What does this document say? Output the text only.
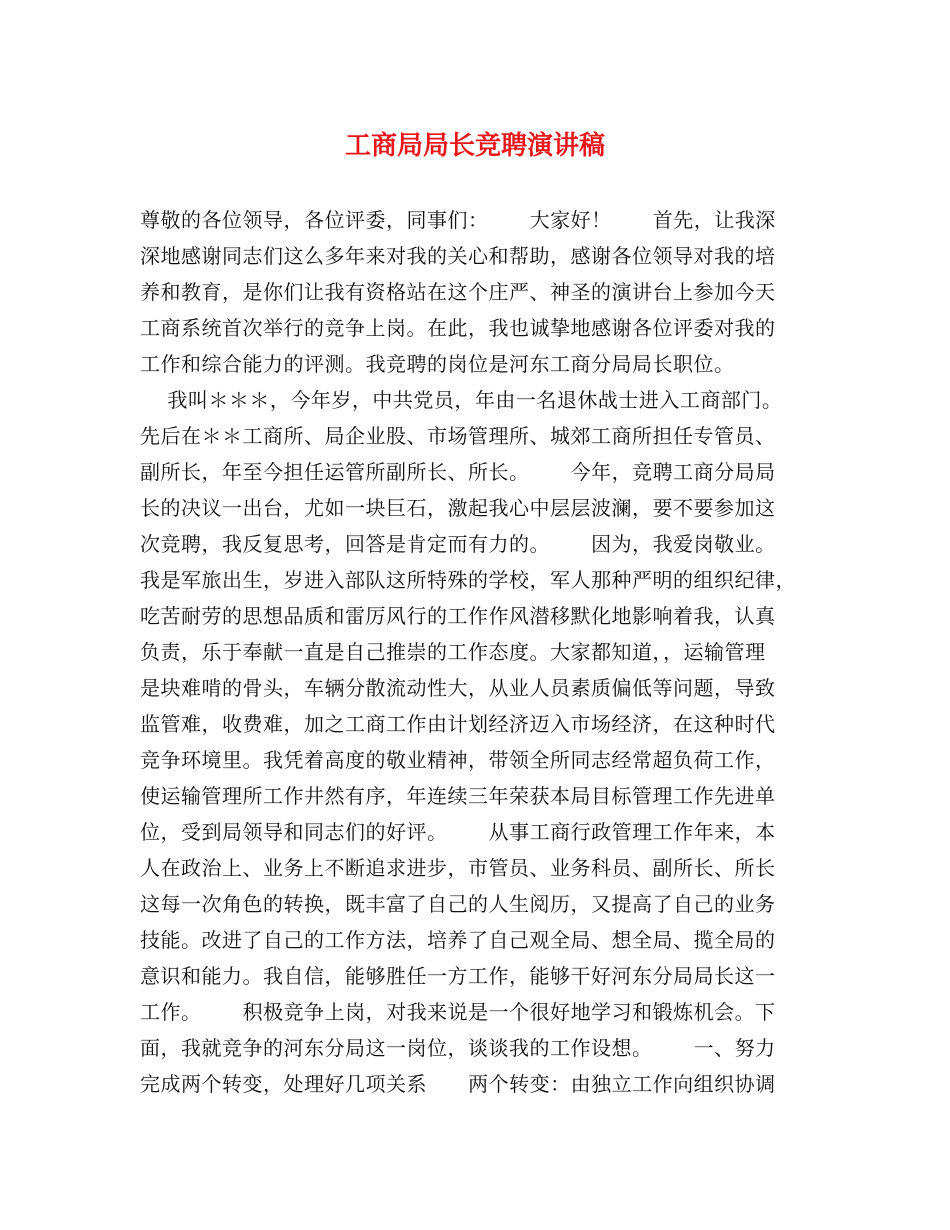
工商局局长竞聘演讲稿
尊敬的各位领导，各位评委，同事们：      大家好！      首先，让我深
深地感谢同志们这么多年来对我的关心和帮助，感谢各位领导对我的培
养和教育，是你们让我有资格站在这个庄严、神圣的演讲台上参加今天
工商系统首次举行的竞争上岗。在此，我也诚挚地感谢各位评委对我的
工作和综合能力的评测。我竞聘的岗位是河东工商分局局长职位。
我叫＊＊＊，今年岁，中共党员，年由一名退休战士进入工商部门。
先后在＊＊工商所、局企业股、市场管理所、城郊工商所担任专管员、
副所长，年至今担任运管所副所长、所长。      今年，竞聘工商分局局
长的决议一出台，尤如一块巨石，激起我心中层层波澜，要不要参加这
次竞聘，我反复思考，回答是肯定而有力的。      因为，我爱岗敬业。
我是军旅出生，岁进入部队这所特殊的学校，军人那种严明的组织纪律，
吃苦耐劳的思想品质和雷厉风行的工作作风潜移默化地影响着我，认真
负责，乐于奉献一直是自己推崇的工作态度。大家都知道，，运输管理
是块难啃的骨头，车辆分散流动性大，从业人员素质偏低等问题，导致
监管难，收费难，加之工商工作由计划经济迈入市场经济，在这种时代
竞争环境里。我凭着高度的敬业精神，带领全所同志经常超负荷工作，
使运输管理所工作井然有序，年连续三年荣获本局目标管理工作先进单
位，受到局领导和同志们的好评。      从事工商行政管理工作年来，本
人在政治上、业务上不断追求进步，市管员、业务科员、副所长、所长
这每一次角色的转换，既丰富了自己的人生阅历，又提高了自己的业务
技能。改进了自己的工作方法，培养了自己观全局、想全局、揽全局的
意识和能力。我自信，能够胜任一方工作，能够干好河东分局局长这一
工作。      积极竞争上岗，对我来说是一个很好地学习和锻炼机会。下
面，我就竞争的河东分局这一岗位，谈谈我的工作设想。      一、努力
完成两个转变，处理好几项关系      两个转变：由独立工作向组织协调
